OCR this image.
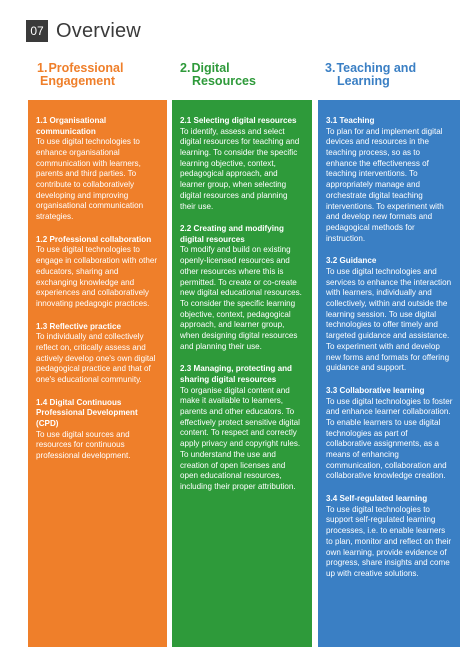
07 Overview
1.Professional
Engagement
2.Digital
Resources
3.Teaching and
Learning
1.1 Organisational communication
To use digital technologies to enhance organisational communication with learners, parents and third parties. To contribute to collaboratively developing and improving organisational communication strategies.
1.2 Professional collaboration
To use digital technologies to engage in collaboration with other educators, sharing and exchanging knowledge and experiences and collaboratively innovating pedagogic practices.
1.3 Reflective practice
To individually and collectively reflect on, critically assess and actively develop one's own digital pedagogical practice and that of one's educational community.
1.4 Digital Continuous Professional Development (CPD)
To use digital sources and resources for continuous professional development.
2.1 Selecting digital resources
To identify, assess and select digital resources for teaching and learning. To consider the specific learning objective, context, pedagogical approach, and learner group, when selecting digital resources and planning their use.
2.2 Creating and modifying digital resources
To modify and build on existing openly-licensed resources and other resources where this is permitted. To create or co-create new digital educational resources. To consider the specific learning objective, context, pedagogical approach, and learner group, when designing digital resources and planning their use.
2.3 Managing, protecting and sharing digital resources
To organise digital content and make it available to learners, parents and other educators. To effectively protect sensitive digital content. To respect and correctly apply privacy and copyright rules. To understand the use and creation of open licenses and open educational resources, including their proper attribution.
3.1 Teaching
To plan for and implement digital devices and resources in the teaching process, so as to enhance the effectiveness of teaching interventions. To appropriately manage and orchestrate digital teaching interventions. To experiment with and develop new formats and pedagogical methods for instruction.
3.2 Guidance
To use digital technologies and services to enhance the interaction with learners, individually and collectively, within and outside the learning session. To use digital technologies to offer timely and targeted guidance and assistance. To experiment with and develop new forms and formats for offering guidance and support.
3.3 Collaborative learning
To use digital technologies to foster and enhance learner collaboration. To enable learners to use digital technologies as part of collaborative assignments, as a means of enhancing communication, collaboration and collaborative knowledge creation.
3.4 Self-regulated learning
To use digital technologies to support self-regulated learning processes, i.e. to enable learners to plan, monitor and reflect on their own learning, provide evidence of progress, share insights and come up with creative solutions.
